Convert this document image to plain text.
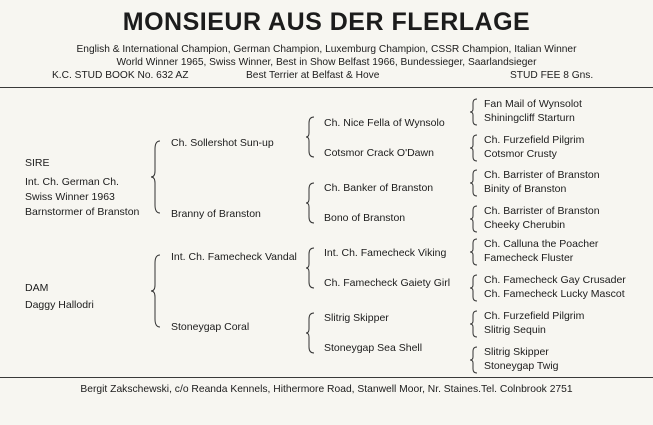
MONSIEUR AUS DER FLERLAGE
English & International Champion, German Champion, Luxemburg Champion, CSSR Champion, Italian Winner
World Winner 1965, Swiss Winner, Best in Show Belfast 1966, Bundessieger, Saarlandsieger
K.C. STUD BOOK No. 632 AZ	Best Terrier at Belfast & Hove	STUD FEE 8 Gns.
SIRE
Int. Ch. German Ch.
Swiss Winner 1963
Barnstormer of Branston
DAM
Daggy Hallodri
Ch. Sollershot Sun-up
Branny of Branston
Int. Ch. Famecheck Vandal
Stoneygap Coral
Ch. Nice Fella of Wynsolo
Cotsmor Crack O'Dawn
Ch. Banker of Branston
Bono of Branston
Int. Ch. Famecheck Viking
Ch. Famecheck Gaiety Girl
Slitrig Skipper
Stoneygap Sea Shell
Fan Mail of Wynsolot
Shiningcliff Starturn
Ch. Furzefield Pilgrim
Cotsmor Crusty
Ch. Barrister of Branston
Binity of Branston
Ch. Barrister of Branston
Cheeky Cherubin
Ch. Calluna the Poacher
Famecheck Fluster
Ch. Famecheck Gay Crusader
Ch. Famecheck Lucky Mascot
Ch. Furzefield Pilgrim
Slitrig Sequin
Slitrig Skipper
Stoneygap Twig
Bergit Zakschewski, c/o Reanda Kennels, Hithermore Road, Stanwell Moor, Nr. Staines.Tel. Colnbrook 2751
